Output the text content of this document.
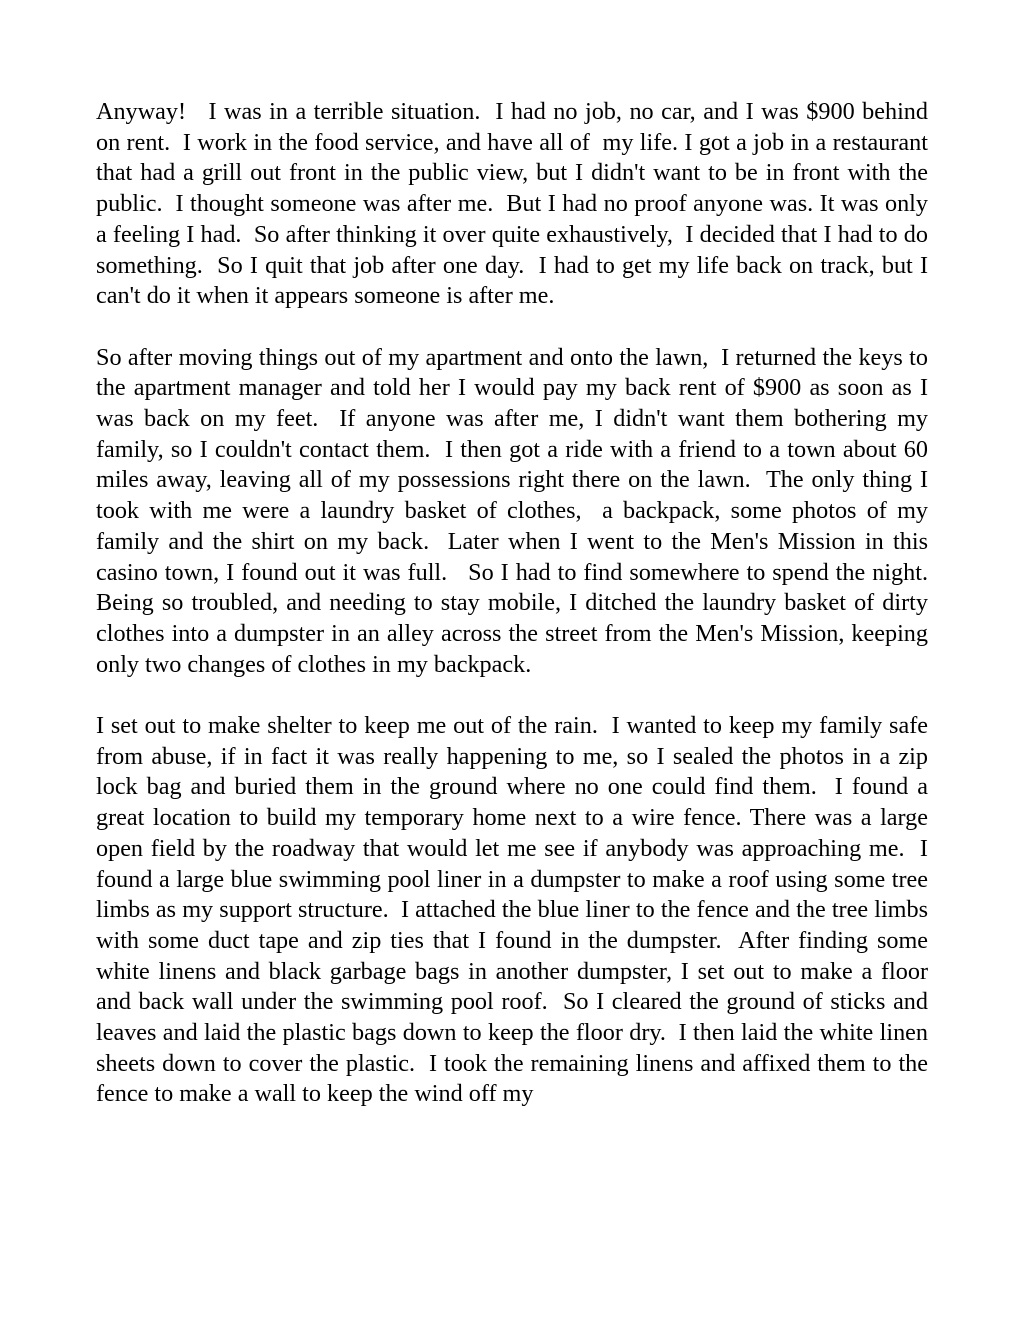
Anyway!   I was in a terrible situation.  I had no job, no car, and I was $900 behind on rent.  I work in the food service, and have all of  my life. I got a job in a restaurant that had a grill out front in the public view, but I didn't want to be in front with the public.  I thought someone was after me.  But I had no proof anyone was. It was only a feeling I had.  So after thinking it over quite exhaustively,  I decided that I had to do something.  So I quit that job after one day.  I had to get my life back on track, but I can't do it when it appears someone is after me.

So after moving things out of my apartment and onto the lawn,  I returned the keys to the apartment manager and told her I would pay my back rent of $900 as soon as I was back on my feet.  If anyone was after me, I didn't want them bothering my family, so I couldn't contact them.  I then got a ride with a friend to a town about 60 miles away, leaving all of my possessions right there on the lawn.  The only thing I took with me were a laundry basket of clothes,  a backpack, some photos of my family and the shirt on my back.  Later when I went to the Men's Mission in this casino town, I found out it was full.   So I had to find somewhere to spend the night.  Being so troubled, and needing to stay mobile, I ditched the laundry basket of dirty clothes into a dumpster in an alley across the street from the Men's Mission, keeping only two changes of clothes in my backpack.

I set out to make shelter to keep me out of the rain.  I wanted to keep my family safe from abuse, if in fact it was really happening to me, so I sealed the photos in a zip lock bag and buried them in the ground where no one could find them.  I found a great location to build my temporary home next to a wire fence. There was a large open field by the roadway that would let me see if anybody was approaching me.  I found a large blue swimming pool liner in a dumpster to make a roof using some tree limbs as my support structure.  I attached the blue liner to the fence and the tree limbs with some duct tape and zip ties that I found in the dumpster.  After finding some white linens and black garbage bags in another dumpster, I set out to make a floor and back wall under the swimming pool roof.  So I cleared the ground of sticks and leaves and laid the plastic bags down to keep the floor dry.  I then laid the white linen sheets down to cover the plastic.  I took the remaining linens and affixed them to the fence to make a wall to keep the wind off my
